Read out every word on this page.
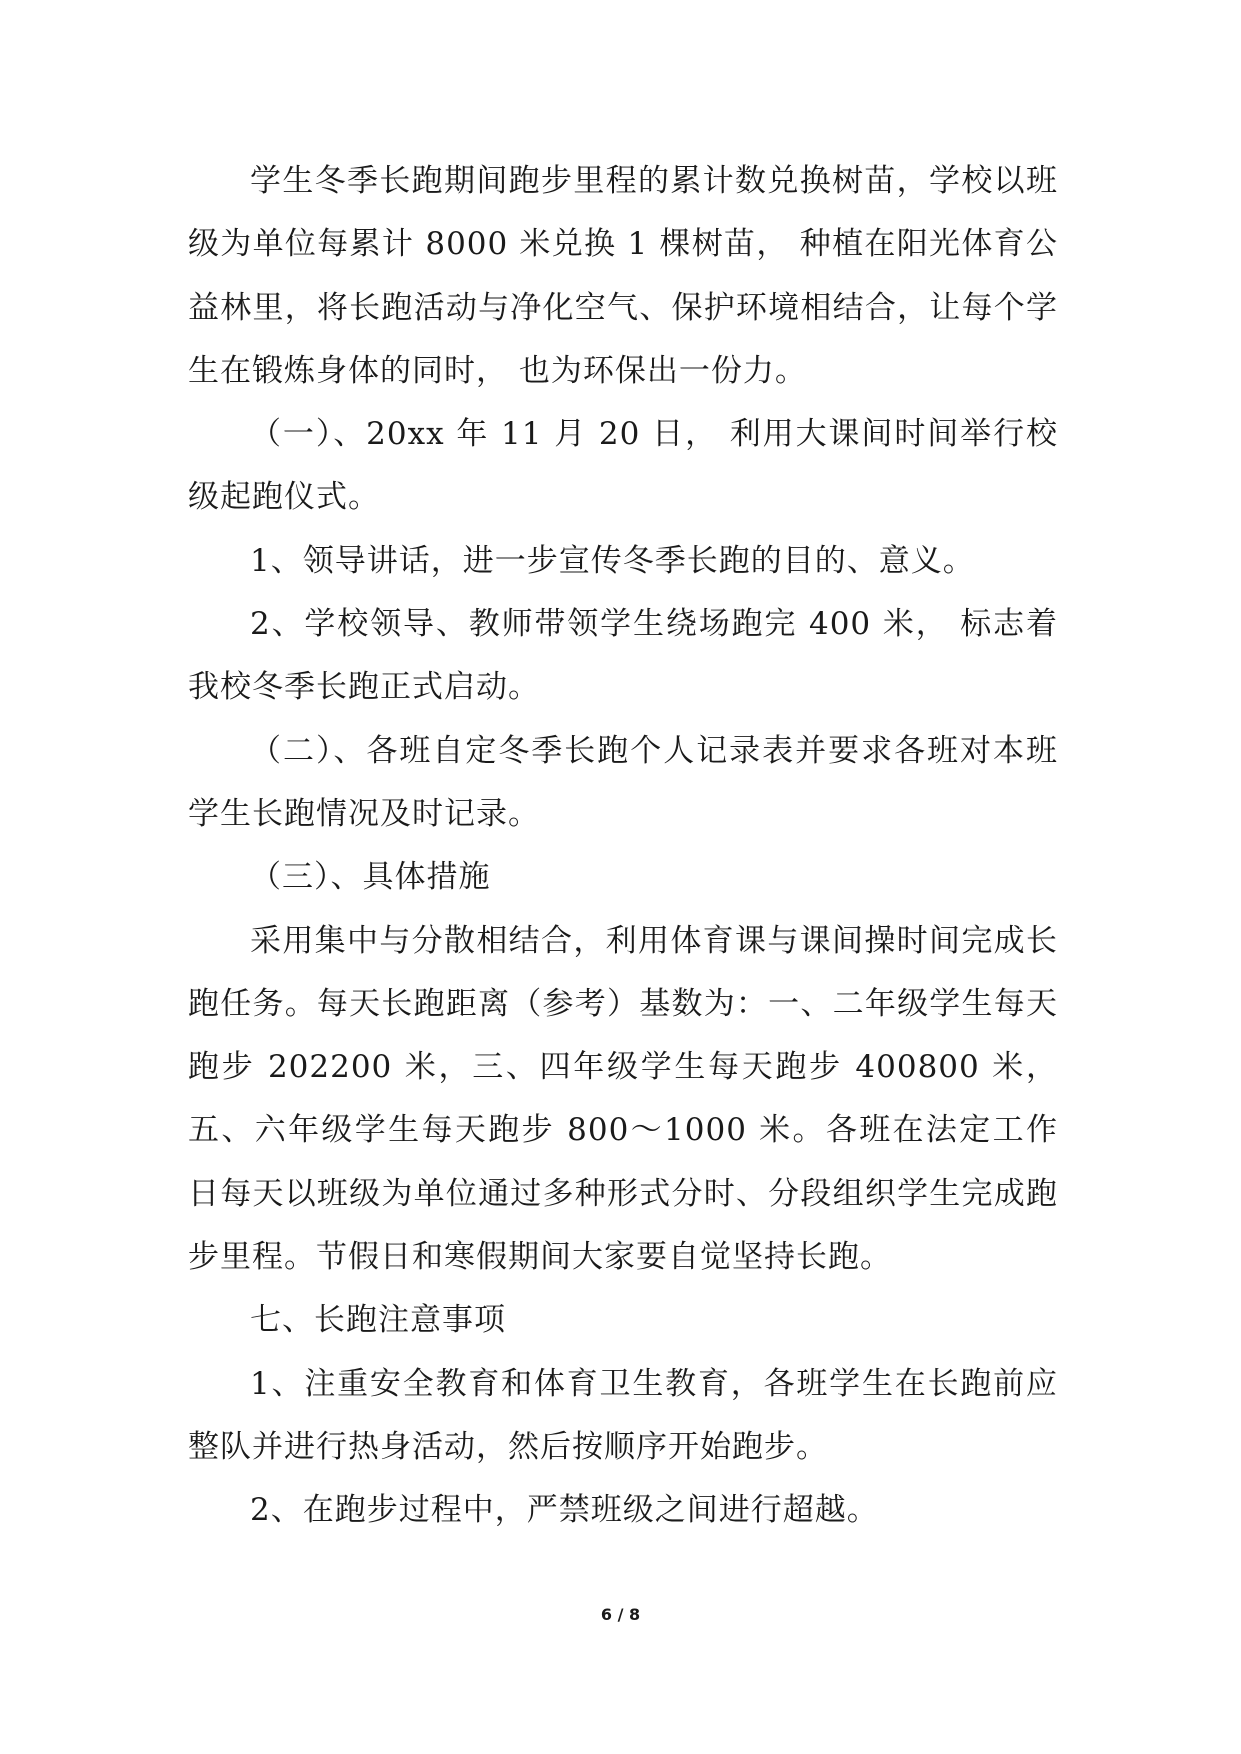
学生冬季长跑期间跑步里程的累计数兑换树苗，学校以班级为单位每累计 8000 米兑换 1 棵树苗， 种植在阳光体育公益林里，将长跑活动与净化空气、保护环境相结合，让每个学生在锻炼身体的同时， 也为环保出一份力。

（一）、20xx 年 11 月 20 日， 利用大课间时间举行校级起跑仪式。

1、领导讲话，进一步宣传冬季长跑的目的、意义。

2、学校领导、教师带领学生绕场跑完 400 米， 标志着我校冬季长跑正式启动。

（二）、各班自定冬季长跑个人记录表并要求各班对本班学生长跑情况及时记录。

（三）、具体措施

采用集中与分散相结合，利用体育课与课间操时间完成长跑任务。每天长跑距离（参考）基数为：一、二年级学生每天跑步 202200 米，三、四年级学生每天跑步 400800 米，五、六年级学生每天跑步 800～1000 米。各班在法定工作日每天以班级为单位通过多种形式分时、分段组织学生完成跑步里程。节假日和寒假期间大家要自觉坚持长跑。

七、长跑注意事项

1、注重安全教育和体育卫生教育，各班学生在长跑前应整队并进行热身活动，然后按顺序开始跑步。

2、在跑步过程中，严禁班级之间进行超越。

6 / 8
